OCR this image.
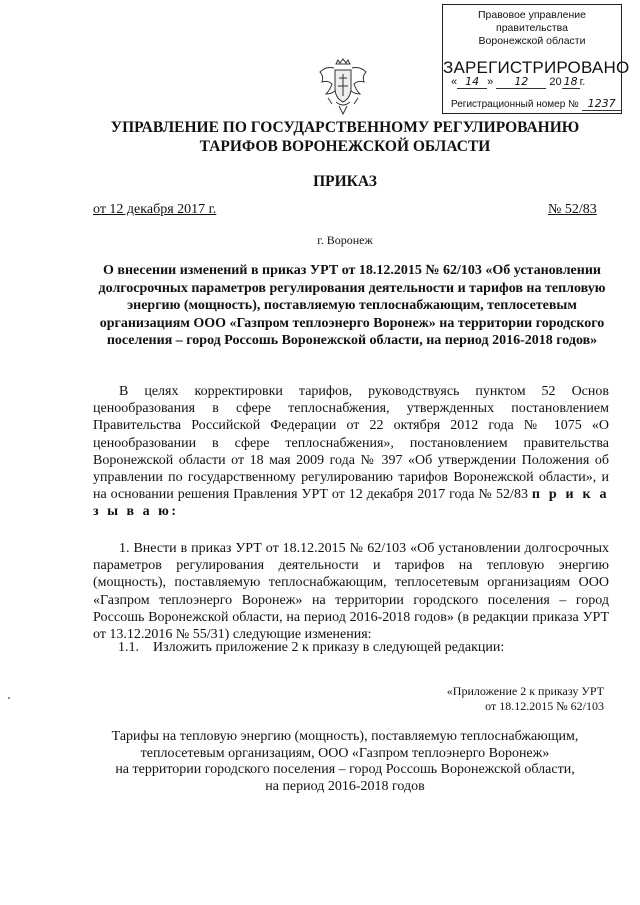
Правовое управление правительства
Воронежской области
ЗАРЕГИСТРИРОВАНО
« 14 » 12 20 18 г.
Регистрационный номер № 1237
УПРАВЛЕНИЕ ПО ГОСУДАРСТВЕННОМУ РЕГУЛИРОВАНИЮ
ТАРИФОВ ВОРОНЕЖСКОЙ ОБЛАСТИ
ПРИКАЗ
от 12 декабря 2017 г.	№ 52/83
г. Воронеж
О внесении изменений в приказ УРТ от 18.12.2015 № 62/103 «Об установлении долгосрочных параметров регулирования деятельности и тарифов на тепловую энергию (мощность), поставляемую теплоснабжающим, теплосетевым организациям ООО «Газпром теплоэнерго Воронеж» на территории городского поселения – город Россошь Воронежской области, на период 2016-2018 годов»
В целях корректировки тарифов, руководствуясь пунктом 52 Основ ценообразования в сфере теплоснабжения, утвержденных постановлением Правительства Российской Федерации от 22 октября 2012 года № 1075 «О ценообразовании в сфере теплоснабжения», постановлением правительства Воронежской области от 18 мая 2009 года № 397 «Об утверждении Положения об управлении по государственному регулированию тарифов Воронежской области», и на основании решения Правления УРТ от 12 декабря 2017 года № 52/83 п р и к а з ы в а ю:
1. Внести в приказ УРТ от 18.12.2015 № 62/103 «Об установлении долгосрочных параметров регулирования деятельности и тарифов на тепловую энергию (мощность), поставляемую теплоснабжающим, теплосетевым организациям ООО «Газпром теплоэнерго Воронеж» на территории городского поселения – город Россошь Воронежской области, на период 2016-2018 годов» (в редакции приказа УРТ от 13.12.2016 № 55/31) следующие изменения:
1.1.    Изложить приложение 2 к приказу в следующей редакции:
«Приложение 2 к приказу УРТ
от 18.12.2015 № 62/103
Тарифы на тепловую энергию (мощность), поставляемую теплоснабжающим,
теплосетевым организациям, ООО «Газпром теплоэнерго Воронеж»
на территории городского поселения – город Россошь Воронежской области,
на период 2016-2018 годов
